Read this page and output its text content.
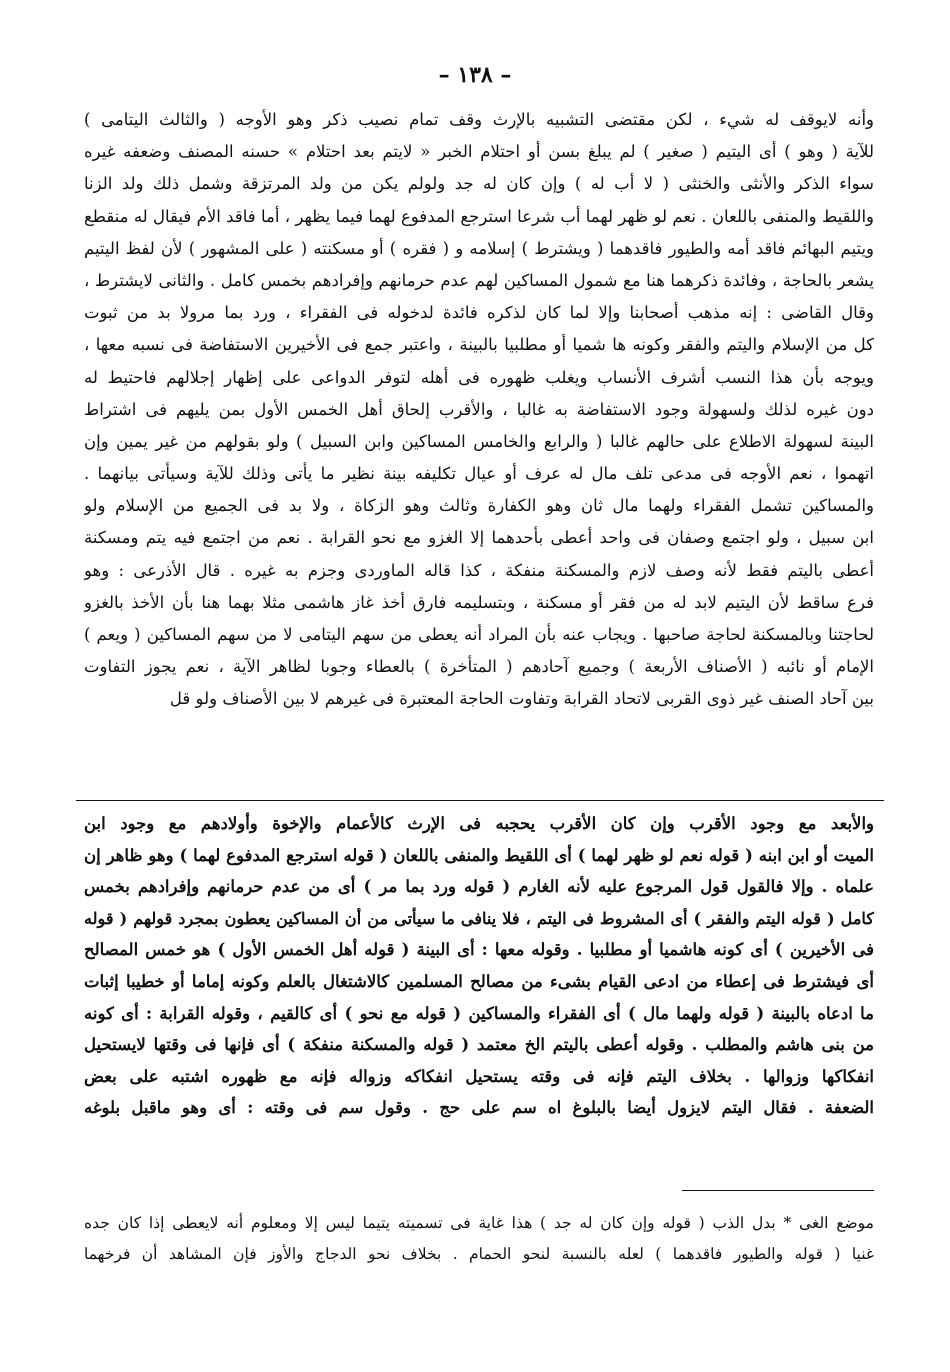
– ١٣٨ –
وأنه لايوقف له شيء ، لكن مقتضى التشبيه بالإرث وقف تمام نصيب ذكر وهو الأوجه ( والثالث اليتامى )
للآية ( وهو ) أى اليتيم ( صغير ) لم يبلغ بسن أو احتلام الخبر « لايتم بعد احتلام » حسنه المصنف وضعفه غيره
سواء الذكر والأنثى والخنثى ( لا أب له ) وإن كان له جد ولولم يكن من ولد المرتزقة وشمل ذلك ولد الزنا
واللقيط والمنفى باللعان . نعم لو ظهر لهما أب شرعا استرجع المدفوع لهما فيما يظهر ، أما فاقد الأم فيقال له منقطع
ويتيم البهائم فاقد أمه والطيور فاقدهما ( ويشترط ) إسلامه و ( فقره ) أو مسكنته ( على المشهور ) لأن لفظ اليتيم
يشعر بالحاجة ، وفائدة ذكرهما هنا مع شمول المساكين لهم عدم حرمانهم وإفرادهم بخمس كامل . والثانى لايشترط ،
وقال القاضى : إنه مذهب أصحابنا وإلا لما كان لذكره فائدة لدخوله فى الفقراء ، ورد بما مرولا بد من ثبوت
كل من الإسلام واليتم والفقر وكونه ها شميا أو مطلبيا بالبينة ، واعتبر جمع فى الأخيرين الاستفاضة فى نسبه معها ،
ويوجه بأن هذا النسب أشرف الأنساب ويغلب ظهوره فى أهله لتوفر الدواعى على إظهار إجلالهم فاحتيط له
دون غيره لذلك ولسهولة وجود الاستفاضة به غالبا ، والأقرب إلحاق أهل الخمس الأول بمن يليهم فى اشتراط
البينة لسهولة الاطلاع على حالهم غالبا ( والرابع والخامس المساكين وابن السبيل ) ولو بقولهم من غير يمين وإن
اتهموا ، نعم الأوجه فى مدعى تلف مال له عرف أو عيال تكليفه بينة نظير ما يأتى وذلك للآية وسيأتى بيانهما .
والمساكين تشمل الفقراء ولهما مال ثان وهو الكفارة وثالث وهو الزكاة ، ولا بد فى الجميع من الإسلام ولو
ابن سبيل ، ولو اجتمع وصفان فى واحد أعطى بأحدهما إلا الغزو مع نحو القرابة . نعم من اجتمع فيه يتم ومسكنة
أعطى باليتم فقط لأنه وصف لازم والمسكنة منفكة ، كذا قاله الماوردى وجزم به غيره . قال الأذرعى : وهو
فرع ساقط لأن اليتيم لابد له من فقر أو مسكنة ، وبتسليمه فارق أخذ غاز هاشمى مثلا بهما هنا بأن الأخذ بالغزو
لحاجتنا وبالمسكنة لحاجة صاحبها . ويجاب عنه بأن المراد أنه يعطى من سهم اليتامى لا من سهم المساكين ( ويعم )
الإمام أو نائبه ( الأصناف الأربعة ) وجميع آحادهم ( المتأخرة ) بالعطاء وجوبا لظاهر الآية ، نعم يجوز التفاوت
بين آحاد الصنف غير ذوى القربى لاتحاد القرابة وتفاوت الحاجة المعتبرة فى غيرهم لا بين الأصناف ولو قل
والأبعد مع وجود الأقرب وإن كان الأقرب يحجبه فى الإرث كالأعمام والإخوة وأولادهم مع وجود ابن
الميت أو ابن ابنه ( قوله نعم لو ظهر لهما ) أى اللقيط والمنفى باللعان ( قوله استرجع المدفوع لهما ) وهو ظاهر إن
علماه . وإلا فالقول قول المرجوع عليه لأنه الغارم ( قوله ورد بما مر ) أى من عدم حرمانهم وإفرادهم بخمس
كامل ( قوله اليتم والفقر ) أى المشروط فى اليتم ، فلا ينافى ما سيأتى من أن المساكين يعطون بمجرد قولهم ( قوله
فى الأخيرين ) أى كونه هاشميا أو مطلبيا . وقوله معها : أى البينة ( قوله أهل الخمس الأول ) هو خمس المصالح
أى فيشترط فى إعطاء من ادعى القيام بشىء من مصالح المسلمين كالاشتغال بالعلم وكونه إماما أو خطيبا إثبات
ما ادعاه بالبينة ( قوله ولهما مال ) أى الفقراء والمساكين ( قوله مع نحو ) أى كالقيم ، وقوله القرابة : أى كونه
من بنى هاشم والمطلب . وقوله أعطى باليتم الخ معتمد ( قوله والمسكنة منفكة ) أى فإنها فى وقتها لايستحيل
انفكاكها وزوالها . بخلاف اليتم فإنه فى وقته يستحيل انفكاكه وزواله فإنه مع ظهوره اشتبه على بعض
الضعفة . فقال اليتم لايزول أيضا بالبلوغ اه سم على حج . وقول سم فى وقته : أى وهو ماقبل بلوغه
موضع الغى * بدل الذب ( قوله وإن كان له جد ) هذا غاية فى تسميته يتيما ليس إلا ومعلوم أنه لايعطى إذا كان جده
غنيا ( قوله والطيور فاقدهما ) لعله بالنسبة لنحو الحمام . بخلاف نحو الدجاج والأوز فإن المشاهد أن فرخهما
